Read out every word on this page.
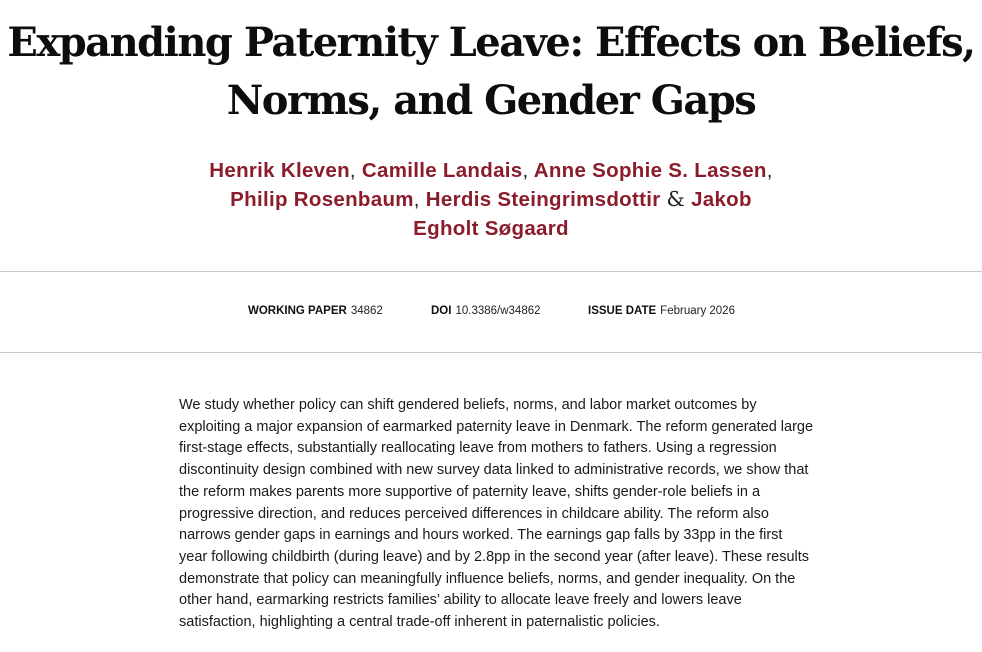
Expanding Paternity Leave: Effects on Beliefs,
Norms, and Gender Gaps
Henrik Kleven, Camille Landais, Anne Sophie S. Lassen,
Philip Rosenbaum, Herdis Steingrimsdottir & Jakob
Egholt Søgaard
WORKING PAPER 34862	DOI 10.3386/w34862	ISSUE DATE February 2026

We study whether policy can shift gendered beliefs, norms, and labor market outcomes by
exploiting a major expansion of earmarked paternity leave in Denmark. The reform generated large
first-stage effects, substantially reallocating leave from mothers to fathers. Using a regression
discontinuity design combined with new survey data linked to administrative records, we show that
the reform makes parents more supportive of paternity leave, shifts gender-role beliefs in a
progressive direction, and reduces perceived differences in childcare ability. The reform also
narrows gender gaps in earnings and hours worked. The earnings gap falls by 33pp in the first
year following childbirth (during leave) and by 2.8pp in the second year (after leave). These results
demonstrate that policy can meaningfully influence beliefs, norms, and gender inequality. On the
other hand, earmarking restricts families’ ability to allocate leave freely and lowers leave
satisfaction, highlighting a central trade-off inherent in paternalistic policies.
